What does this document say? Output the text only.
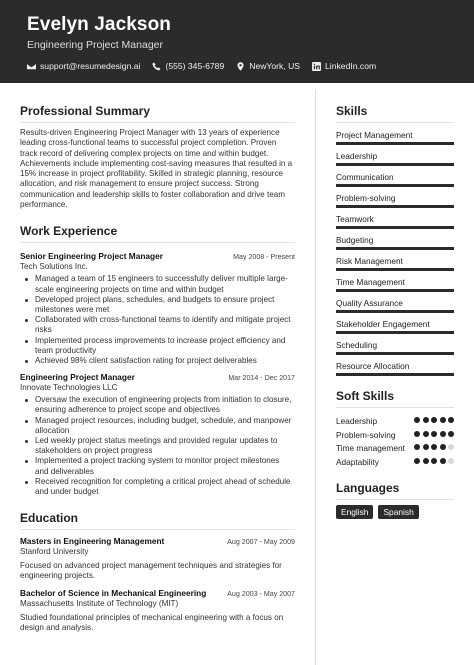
Evelyn Jackson
Engineering Project Manager
support@resumedesign.ai	(555) 345-6789	NewYork, US	LinkedIn.com
Professional Summary
Results-driven Engineering Project Manager with 13 years of experience leading cross-functional teams to successful project completion. Proven track record of delivering complex projects on time and within budget. Achievements include implementing cost-saving measures that resulted in a 15% increase in project profitability. Skilled in strategic planning, resource allocation, and risk management to ensure project success. Strong communication and leadership skills to foster collaboration and drive team performance.
Work Experience
Senior Engineering Project Manager	May 2008 - Present
Tech Solutions Inc.
Managed a team of 15 engineers to successfully deliver multiple large-scale engineering projects on time and within budget
Developed project plans, schedules, and budgets to ensure project milestones were met
Collaborated with cross-functional teams to identify and mitigate project risks
Implemented process improvements to increase project efficiency and team productivity
Achieved 98% client satisfaction rating for project deliverables
Engineering Project Manager	Mar 2014 - Dec 2017
Innovate Technologies LLC
Oversaw the execution of engineering projects from initiation to closure, ensuring adherence to project scope and objectives
Managed project resources, including budget, schedule, and manpower allocation
Led weekly project status meetings and provided regular updates to stakeholders on project progress
Implemented a project tracking system to monitor project milestones and deliverables
Received recognition for completing a critical project ahead of schedule and under budget
Education
Masters in Engineering Management	Aug 2007 - May 2009
Stanford University
Focused on advanced project management techniques and strategies for engineering projects.
Bachelor of Science in Mechanical Engineering	Aug 2003 - May 2007
Massachusetts Institute of Technology (MIT)
Studied foundational principles of mechanical engineering with a focus on design and analysis.
Skills
Project Management
Leadership
Communication
Problem-solving
Teamwork
Budgeting
Risk Management
Time Management
Quality Assurance
Stakeholder Engagement
Scheduling
Resource Allocation
Soft Skills
Leadership
Problem-solving
Time management
Adaptability
Languages
English	Spanish
